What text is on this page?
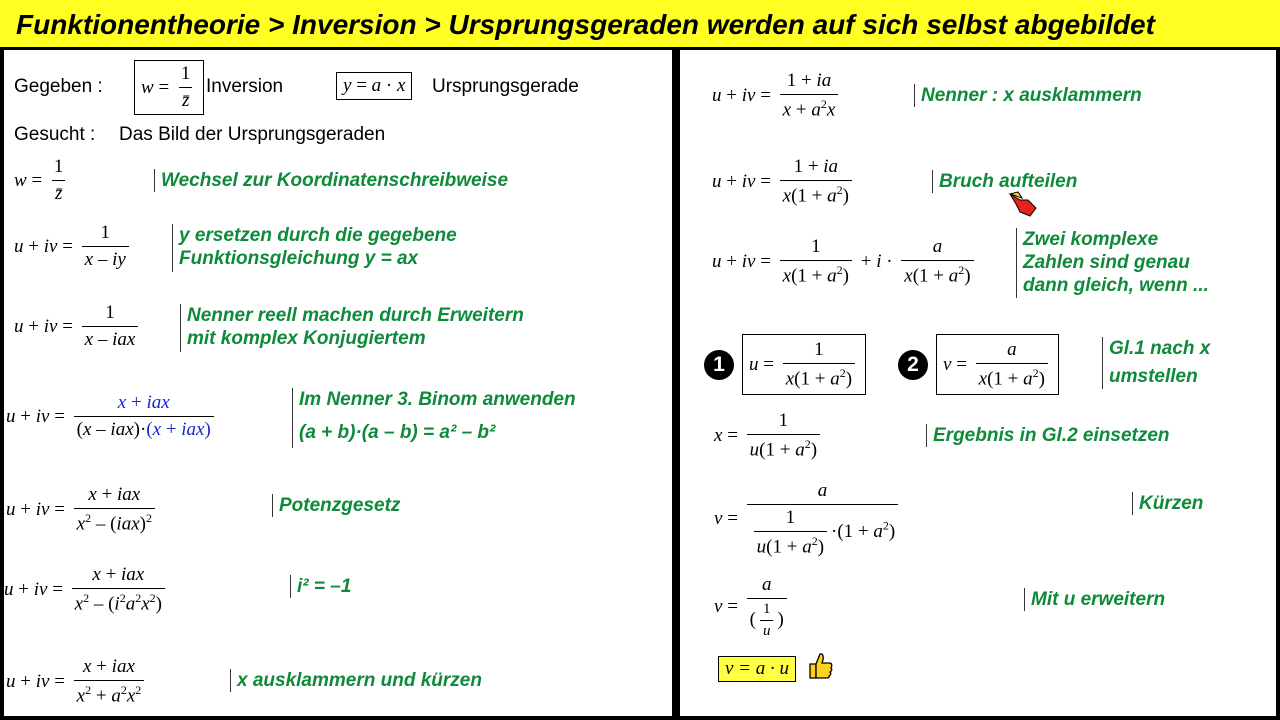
Funktionentheorie > Inversion > Ursprungsgeraden werden auf sich selbst abgebildet
Gegeben :	$w = \frac{1}{z̄}$ Inversion	y = a · x	Ursprungsgerade
Gesucht : Das Bild der Ursprungsgeraden
$w = \frac{1}{z̄}$	Wechsel zur Koordinatenschreibweise
u + iv = $\frac{1}{x - iy}$	y ersetzen durch die gegebene
Funktionsgleichung y = ax
u + iv = $\frac{1}{\text{x – iax}}$	Nenner reell machen durch Erweitern
mit komplex Konjugiertem
u + iv = $\frac{\text{x + iax}}{\text{(x – iax)·(x + iax)}}$	Im Nenner 3. Binom anwenden
(a + b)·(a – b) = a² – b²
u + iv = $\frac{\text{x + iax}}{x^2 - (iax)^2}$	Potenzgesetz
u + iv = $\frac{\text{x + iax}}{x^2 - (i^2a^2x^2)}$	i² = –1
u + iv = $\frac{\text{x + iax}}{x^2 + a^2x^2}$	x ausklammern und kürzen
u + iv = $\frac{1 + ia}{x + a^2x}$	Nenner : x ausklammern
u + iv = $\frac{1 + ia}{x(1 + a^2)}$	Bruch aufteilen
u + iv = $\frac{1}{x(1 + a^2)} + i \cdot \frac{a}{x(1 + a^2)}$	Zwei komplexe
Zahlen sind genau
dann gleich, wenn ...
1	$u = \frac{1}{x(1 + a^2)}$	2	$v = \frac{a}{x(1 + a^2)}$	Gl.1 nach x
umstellen
$x = \frac{1}{u(1 + a^2)}$	Ergebnis in Gl.2 einsetzen
$v = \frac{a}{\frac{1}{u(1 + a^2)} \cdot(1 + a^2)}$	Kürzen
$v = \frac{a}{( \frac{1}{u} )}$	Mit u erweitern
v = a · u
